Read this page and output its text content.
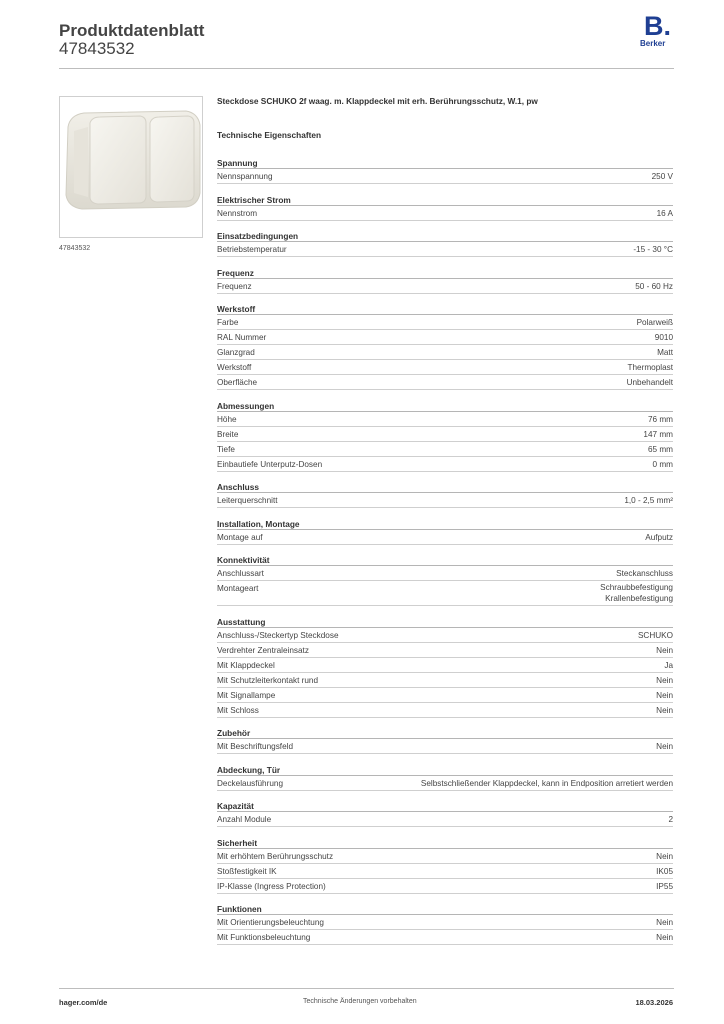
Produktdatenblatt
47843532
B.
Berker
47843532
Steckdose SCHUKO 2f waag. m. Klappdeckel mit erh. Berührungsschutz, W.1, pw
Technische Eigenschaften
Spannung
Nennspannung	250 V
Elektrischer Strom
Nennstrom	16 A
Einsatzbedingungen
Betriebstemperatur	-15 - 30 °C
Frequenz
Frequenz	50 - 60 Hz
Werkstoff
Farbe	Polarweiß
RAL Nummer	9010
Glanzgrad	Matt
Werkstoff	Thermoplast
Oberfläche	Unbehandelt
Abmessungen
Höhe	76 mm
Breite	147 mm
Tiefe	65 mm
Einbautiefe Unterputz-Dosen	0 mm
Anschluss
Leiterquerschnitt	1,0 - 2,5 mm²
Installation, Montage
Montage auf	Aufputz
Konnektivität
Anschlussart	Steckanschluss
Montageart	Schraubbefestigung
Krallenbefestigung
Ausstattung
Anschluss-/Steckertyp Steckdose	SCHUKO
Verdrehter Zentraleinsatz	Nein
Mit Klappdeckel	Ja
Mit Schutzleiterkontakt rund	Nein
Mit Signallampe	Nein
Mit Schloss	Nein
Zubehör
Mit Beschriftungsfeld	Nein
Abdeckung, Tür
Deckelausführung	Selbstschließender Klappdeckel, kann in Endposition arretiert werden
Kapazität
Anzahl Module	2
Sicherheit
Mit erhöhtem Berührungsschutz	Nein
Stoßfestigkeit IK	IK05
IP-Klasse (Ingress Protection)	IP55
Funktionen
Mit Orientierungsbeleuchtung	Nein
Mit Funktionsbeleuchtung	Nein
hager.com/de	Technische Änderungen vorbehalten	18.03.2026
